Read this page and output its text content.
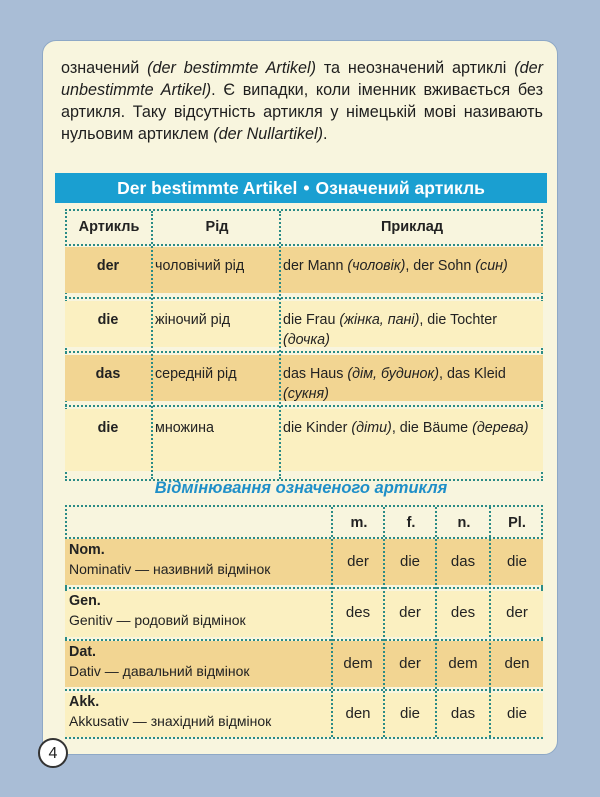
означений (der bestimmte Artikel) та неозначений артиклі (der unbestimmte Artikel). Є випадки, коли іменник вживається без артикля. Таку відсутність артикля у німецькій мові називають нульовим артиклем (der Nullartikel).
Der bestimmte Artikel • Означений артикль
Артикль	Рід	Приклад
der	чоловічий рід	der Mann (чоловік), der Sohn (син)
die	жіночий рід	die Frau (жінка, пані), die Tochter (дочка)
das	середній рід	das Haus (дім, будинок), das Kleid (сукня)
die	множина	die Kinder (діти), die Bäume (дерева)
Відмінювання означеного артикля
m.	f.	n.	Pl.
Nom.
Nominativ — називний відмінок	der	die	das	die
Gen.
Genitiv — родовий відмінок	des	der	des	der
Dat.
Dativ — давальний відмінок	dem	der	dem	den
Akk.
Akkusativ — знахідний відмінок	den	die	das	die
4
